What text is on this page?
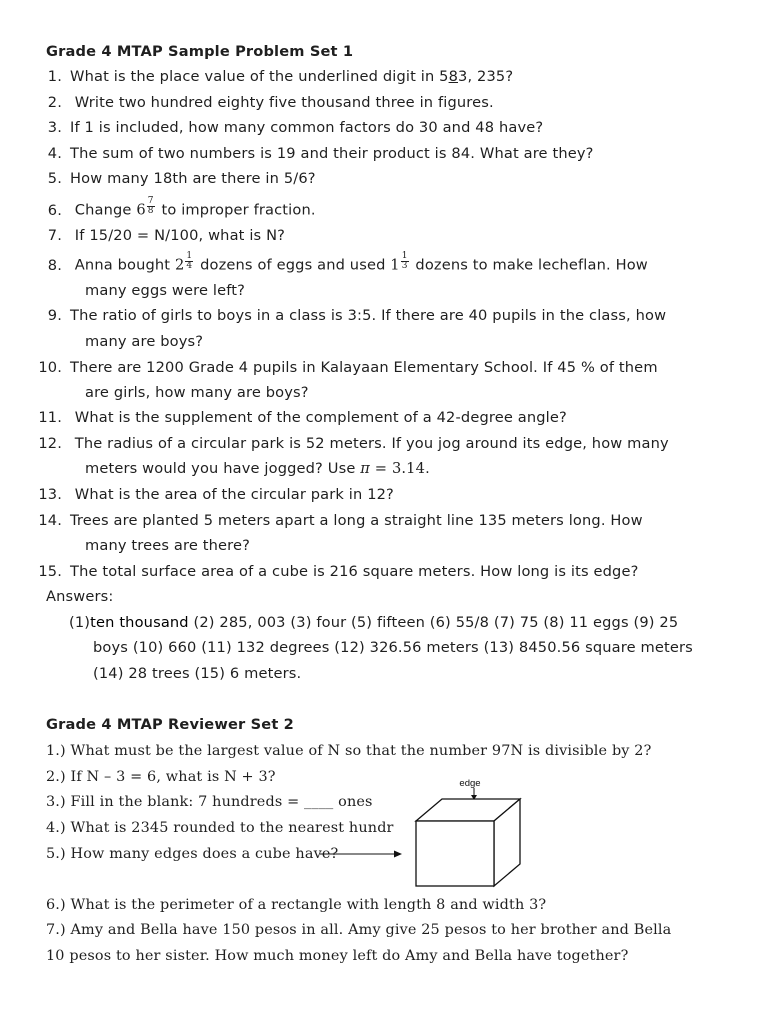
Grade 4 MTAP Sample Problem Set 1
1. What is the place value of the underlined digit in 583, 235?
2. Write two hundred eighty five thousand three in figures.
3. If 1 is included, how many common factors do 30 and 48 have?
4. The sum of two numbers is 19 and their product is 84. What are they?
5. How many 18th are there in 5/6?
6. Change $6 \frac{7}{8}$ to improper fraction.
7. If 15/20 = N/100, what is N?
8. Anna bought $2 \frac{1}{4}$ dozens of eggs and used $1 \frac{1}{3}$ dozens to make lecheflan. How
many eggs were left?
9. The ratio of girls to boys in a class is 3:5. If there are 40 pupils in the class, how
many are boys?
10. There are 1200 Grade 4 pupils in Kalayaan Elementary School. If 45 % of them
are girls, how many are boys?
11. What is the supplement of the complement of a 42-degree angle?
12. The radius of a circular park is 52 meters. If you jog around its edge, how many
meters would you have jogged? Use π = 3.14.
13. What is the area of the circular park in 12?
14. Trees are planted 5 meters apart a long a straight line 135 meters long. How
many trees are there?
15. The total surface area of a cube is 216 square meters. How long is its edge?
Answers:
(1)ten thousand (2) 285, 003 (3) four (5) fifteen (6) 55/8 (7) 75 (8) 11 eggs (9) 25
boys (10) 660 (11) 132 degrees (12) 326.56 meters (13) 8450.56 square meters
(14) 28 trees (15) 6 meters.
Grade 4 MTAP Reviewer Set 2
1.) What must be the largest value of N so that the number 97N is divisible by 2?
2.) If N – 3 = 6, what is N + 3?
3.) Fill in the blank: 7 hundreds = ____ ones
4.) What is 2345 rounded to the nearest hundr
5.) How many edges does a cube have?
edge
6.) What is the perimeter of a rectangle with length 8 and width 3?
7.) Amy and Bella have 150 pesos in all. Amy give 25 pesos to her brother and Bella
10 pesos to her sister. How much money left do Amy and Bella have together?
